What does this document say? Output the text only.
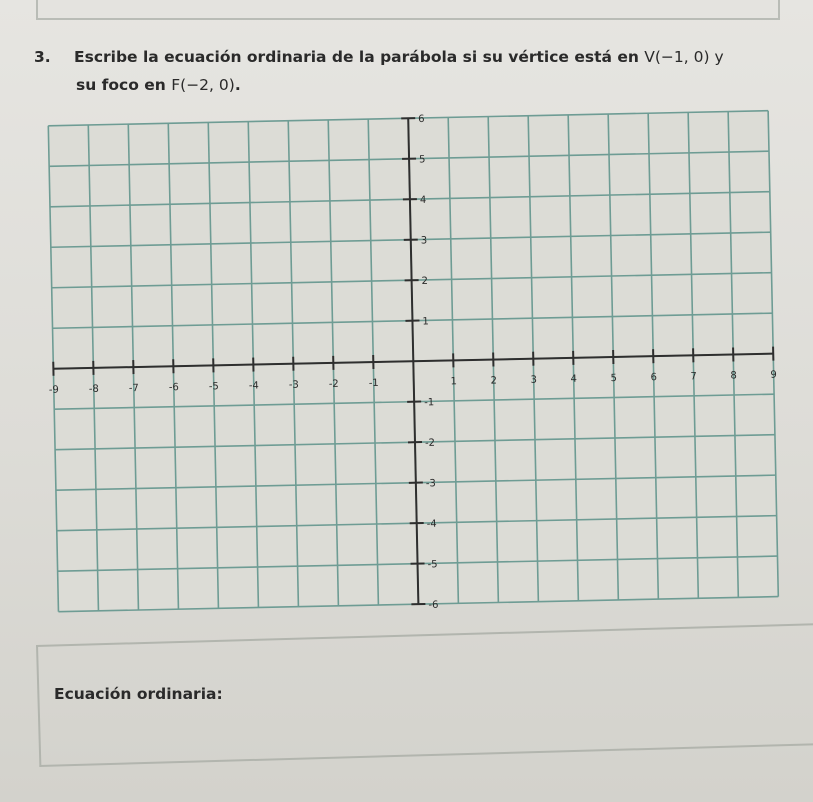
3. Escribe la ecuación ordinaria de la parábola si su vértice está en V(−1, 0) y
su foco en F(−2, 0).
-9	-8	-7	-6	-5	-4	-3	-2	-1	1	2	3	4	5	6	7	8	9
1
2
3
4
5
6
-1
-2
-3
-4
-5
-6
Ecuación ordinaria:
